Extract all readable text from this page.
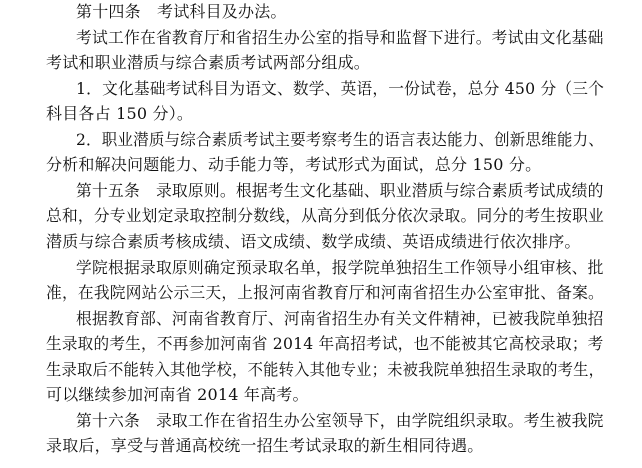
第十四条　考试科目及办法。
考试工作在省教育厅和省招生办公室的指导和监督下进行。考试由文化基础
考试和职业潜质与综合素质考试两部分组成。
1．文化基础考试科目为语文、数学、英语，一份试卷，总分 450 分（三个
科目各占 150 分）。
2．职业潜质与综合素质考试主要考察考生的语言表达能力、创新思维能力、
分析和解决问题能力、动手能力等，考试形式为面试，总分 150 分。
第十五条　录取原则。根据考生文化基础、职业潜质与综合素质考试成绩的
总和，分专业划定录取控制分数线，从高分到低分依次录取。同分的考生按职业
潜质与综合素质考核成绩、语文成绩、数学成绩、英语成绩进行依次排序。
学院根据录取原则确定预录取名单，报学院单独招生工作领导小组审核、批
准，在我院网站公示三天，上报河南省教育厅和河南省招生办公室审批、备案。
根据教育部、河南省教育厅、河南省招生办有关文件精神，已被我院单独招
生录取的考生，不再参加河南省 2014 年高招考试，也不能被其它高校录取；考
生录取后不能转入其他学校，不能转入其他专业；未被我院单独招生录取的考生，
可以继续参加河南省 2014 年高考。
第十六条　录取工作在省招生办公室领导下，由学院组织录取。考生被我院
录取后，享受与普通高校统一招生考试录取的新生相同待遇。
